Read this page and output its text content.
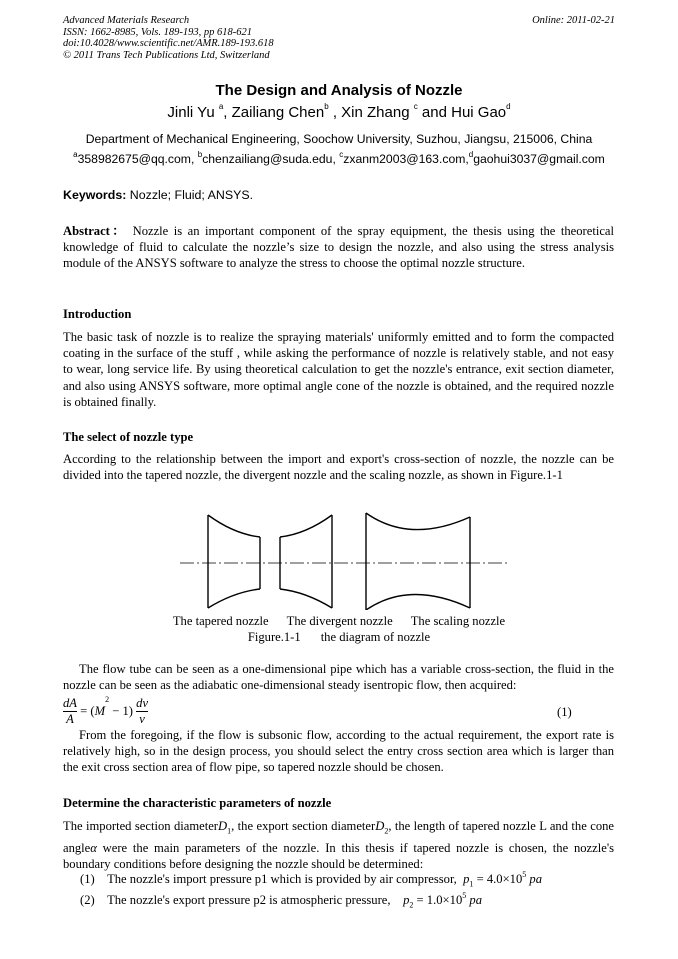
Advanced Materials Research
ISSN: 1662-8985, Vols. 189-193, pp 618-621
doi:10.4028/www.scientific.net/AMR.189-193.618
© 2011 Trans Tech Publications Ltd, Switzerland
Online: 2011-02-21
The Design and Analysis of Nozzle
Jinli Yu $^a$, Zailiang Chen$^b$ , Xin Zhang $^c$ and Hui Gao$^d$
Department of Mechanical Engineering, Soochow University, Suzhou, Jiangsu, 215006, China
$^a$358982675@qq.com, $^b$chenzailiang@suda.edu, $^c$zxanm2003@163.com,$^d$gaohui3037@gmail.com
Keywords: Nozzle; Fluid; ANSYS.
Abstract： Nozzle is an important component of the spray equipment, the thesis using the theoretical knowledge of fluid to calculate the nozzle’s size to design the nozzle, and also using the stress analysis module of the ANSYS software to analyze the stress to choose the optimal nozzle structure.
Introduction
The basic task of nozzle is to realize the spraying materials' uniformly emitted and to form the compacted coating in the surface of the stuff , while asking the performance of nozzle is relatively stable, and not easy to wear, long service life. By using theoretical calculation to get the nozzle's entrance, exit section diameter, and also using ANSYS software, more optimal angle cone of the nozzle is obtained, and the required nozzle is obtained finally.
The select of nozzle type
According to the relationship between the import and export's cross-section of nozzle, the nozzle can be divided into the tapered nozzle, the divergent nozzle and the scaling nozzle, as shown in Figure.1-1
The tapered nozzle The divergent nozzle The scaling nozzle
Figure.1-1 the diagram of nozzle
The flow tube can be seen as a one-dimensional pipe which has a variable cross-section, the fluid in the nozzle can be seen as the adiabatic one-dimensional steady isentropic flow, then acquired:
$\frac{dA}{A} = (M^2 - 1) \frac{dv}{v}$	(1)
From the foregoing, if the flow is subsonic flow, according to the actual requirement, the export rate is relatively high, so in the design process, you should select the entry cross section area which is larger than the exit cross section area of flow pipe, so tapered nozzle should be chosen.
Determine the characteristic parameters of nozzle
The imported section diameterD$_1$, the export section diameterD$_2$, the length of tapered nozzle L and the cone angleα were the main parameters of the nozzle. In this thesis if tapered nozzle is chosen, the nozzle's boundary conditions before designing the nozzle should be determined:
(1) The nozzle's import pressure p1 which is provided by air compressor, $p_1 = 4.0\times 10^5$ pa
(2) The nozzle's export pressure p2 is atmospheric pressure, $p_2 = 1.0\times 10^5$ pa
